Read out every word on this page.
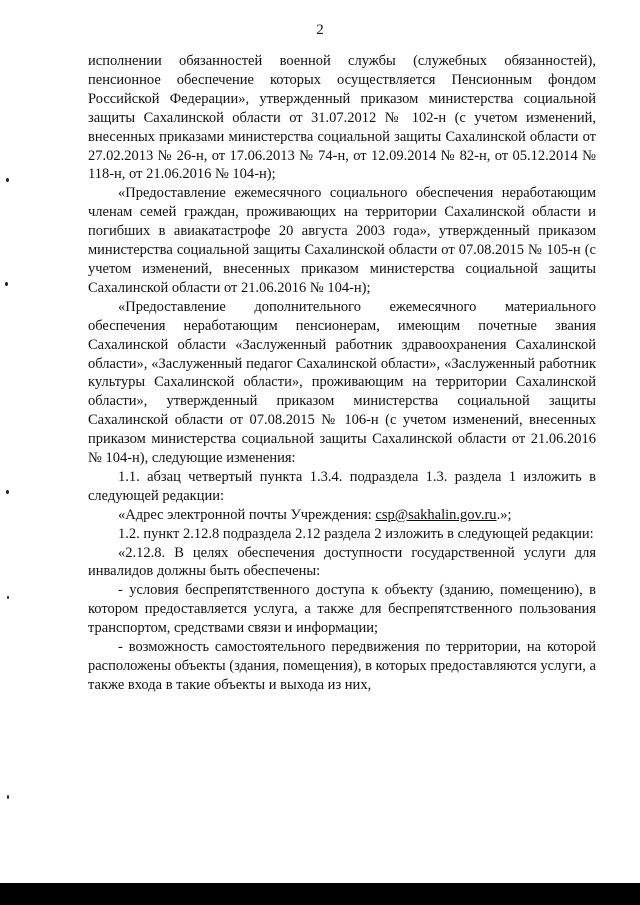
2

исполнении обязанностей военной службы (служебных обязанностей), пенсионное обеспечение которых осуществляется Пенсионным фондом Российской Федерации», утвержденный приказом министерства социальной защиты Сахалинской области от 31.07.2012 № 102-н (с учетом изменений, внесенных приказами министерства социальной защиты Сахалинской области от 27.02.2013 № 26-н, от 17.06.2013 № 74-н, от 12.09.2014 № 82-н, от 05.12.2014 № 118-н, от 21.06.2016 № 104-н);

«Предоставление ежемесячного социального обеспечения неработающим членам семей граждан, проживающих на территории Сахалинской области и погибших в авиакатастрофе 20 августа 2003 года», утвержденный приказом министерства социальной защиты Сахалинской области от 07.08.2015 № 105-н (с учетом изменений, внесенных приказом министерства социальной защиты Сахалинской области от 21.06.2016 № 104-н);

«Предоставление дополнительного ежемесячного материального обеспечения неработающим пенсионерам, имеющим почетные звания Сахалинской области «Заслуженный работник здравоохранения Сахалинской области», «Заслуженный педагог Сахалинской области», «Заслуженный работник культуры Сахалинской области», проживающим на территории Сахалинской области», утвержденный приказом министерства социальной защиты Сахалинской области от 07.08.2015 № 106-н (с учетом изменений, внесенных приказом министерства социальной защиты Сахалинской области от 21.06.2016 № 104-н), следующие изменения:

1.1. абзац четвертый пункта 1.3.4. подраздела 1.3. раздела 1 изложить в следующей редакции:

«Адрес электронной почты Учреждения: csp@sakhalin.gov.ru.»;

1.2. пункт 2.12.8 подраздела 2.12 раздела 2 изложить в следующей редакции:

«2.12.8. В целях обеспечения доступности государственной услуги для инвалидов должны быть обеспечены:

- условия беспрепятственного доступа к объекту (зданию, помещению), в котором предоставляется услуга, а также для беспрепятственного пользования транспортом, средствами связи и информации;

- возможность самостоятельного передвижения по территории, на которой расположены объекты (здания, помещения), в которых предоставляются услуги, а также входа в такие объекты и выхода из них,
